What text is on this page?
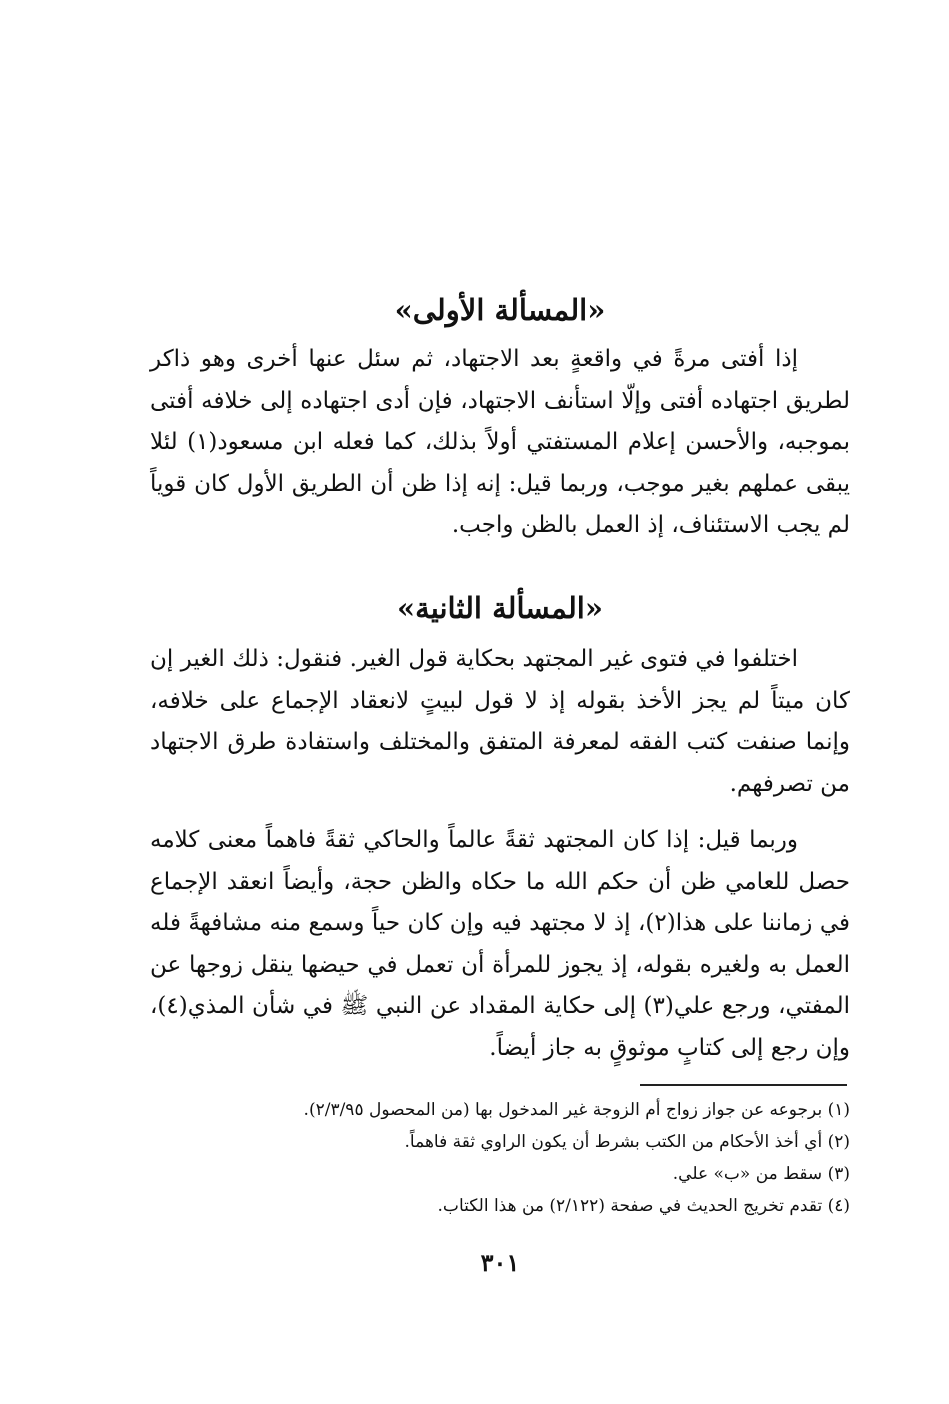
«المسألة الأولى»

إذا أفتى مرةً في واقعةٍ بعد الاجتهاد، ثم سئل عنها أخرى وهو ذاكر لطريق اجتهاده أفتى وإلّا استأنف الاجتهاد، فإن أدى اجتهاده إلى خلافه أفتى بموجبه، والأحسن إعلام المستفتي أولاً بذلك، كما فعله ابن مسعود(١) لئلا يبقى عملهم بغير موجب، وربما قيل: إنه إذا ظن أن الطريق الأول كان قوياً لم يجب الاستئناف، إذ العمل بالظن واجب.

«المسألة الثانية»

اختلفوا في فتوى غير المجتهد بحكاية قول الغير. فنقول: ذلك الغير إن كان ميتاً لم يجز الأخذ بقوله إذ لا قول لبيتٍ لانعقاد الإجماع على خلافه، وإنما صنفت كتب الفقه لمعرفة المتفق والمختلف واستفادة طرق الاجتهاد من تصرفهم.

وربما قيل: إذا كان المجتهد ثقةً عالماً والحاكي ثقةً فاهماً معنى كلامه حصل للعامي ظن أن حكم الله ما حكاه والظن حجة، وأيضاً انعقد الإجماع في زماننا على هذا(٢)، إذ لا مجتهد فيه وإن كان حياً وسمع منه مشافهةً فله العمل به ولغيره بقوله، إذ يجوز للمرأة أن تعمل في حيضها ينقل زوجها عن المفتي، ورجع علي(٣) إلى حكاية المقداد عن النبي ﷺ في شأن المذي(٤)، وإن رجع إلى كتابٍ موثوقٍ به جاز أيضاً.

(١) برجوعه عن جواز زواج أم الزوجة غير المدخول بها (من المحصول ٢/٣/٩٥).

(٢) أي أخذ الأحكام من الكتب بشرط أن يكون الراوي ثقة فاهماً.

(٣) سقط من «ب» علي.

(٤) تقدم تخريج الحديث في صفحة (٢/١٢٢) من هذا الكتاب.

٣٠١
